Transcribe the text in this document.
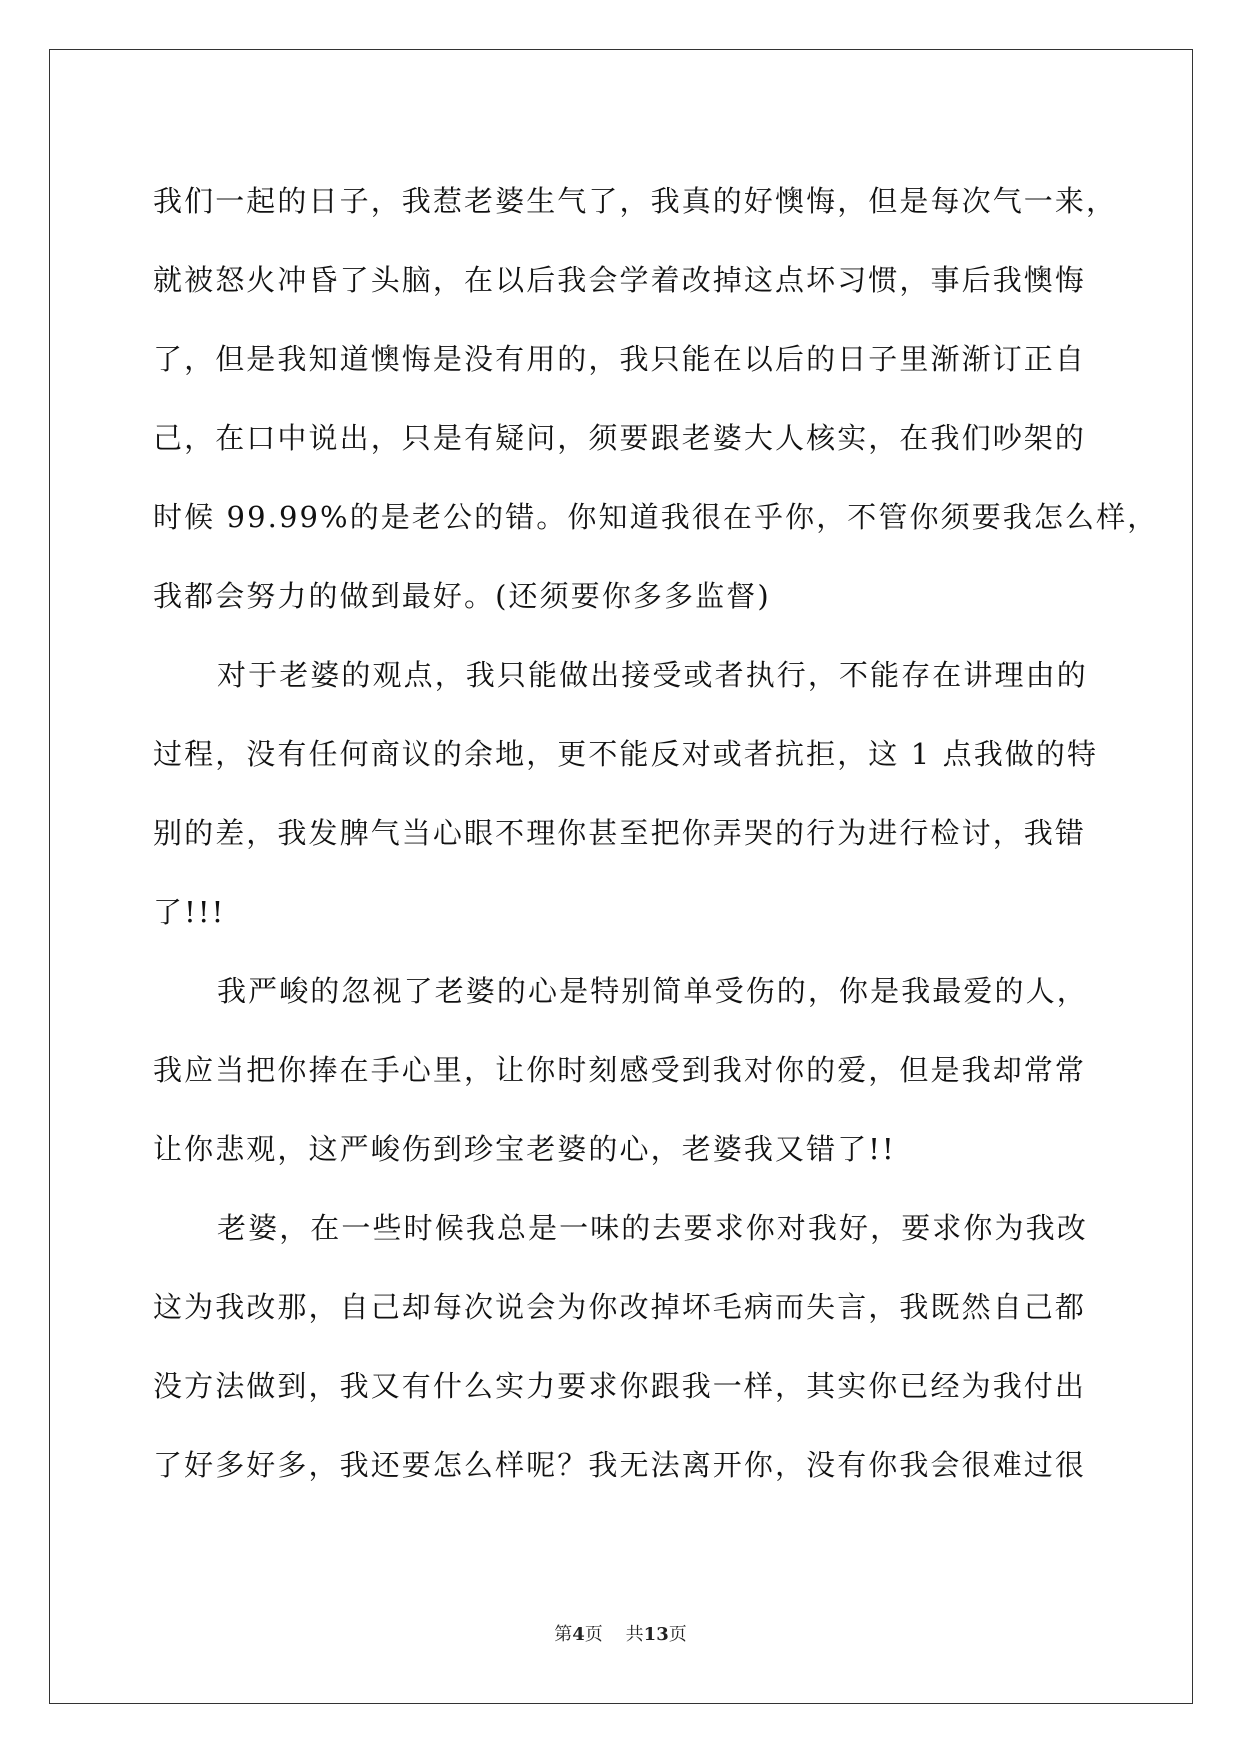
我们一起的日子，我惹老婆生气了，我真的好懊悔，但是每次气一来，
就被怒火冲昏了头脑，在以后我会学着改掉这点坏习惯，事后我懊悔
了，但是我知道懊悔是没有用的，我只能在以后的日子里渐渐订正自
己，在口中说出，只是有疑问，须要跟老婆大人核实，在我们吵架的
时候 99.99%的是老公的错。你知道我很在乎你，不管你须要我怎么样，
我都会努力的做到最好。(还须要你多多监督)
对于老婆的观点，我只能做出接受或者执行，不能存在讲理由的
过程，没有任何商议的余地，更不能反对或者抗拒，这 1 点我做的特
别的差，我发脾气当心眼不理你甚至把你弄哭的行为进行检讨，我错
了!!!
我严峻的忽视了老婆的心是特别简单受伤的，你是我最爱的人，
我应当把你捧在手心里，让你时刻感受到我对你的爱，但是我却常常
让你悲观，这严峻伤到珍宝老婆的心，老婆我又错了!!
老婆，在一些时候我总是一味的去要求你对我好，要求你为我改
这为我改那，自己却每次说会为你改掉坏毛病而失言，我既然自己都
没方法做到，我又有什么实力要求你跟我一样，其实你已经为我付出
了好多好多，我还要怎么样呢？我无法离开你，没有你我会很难过很
第4页 共13页
